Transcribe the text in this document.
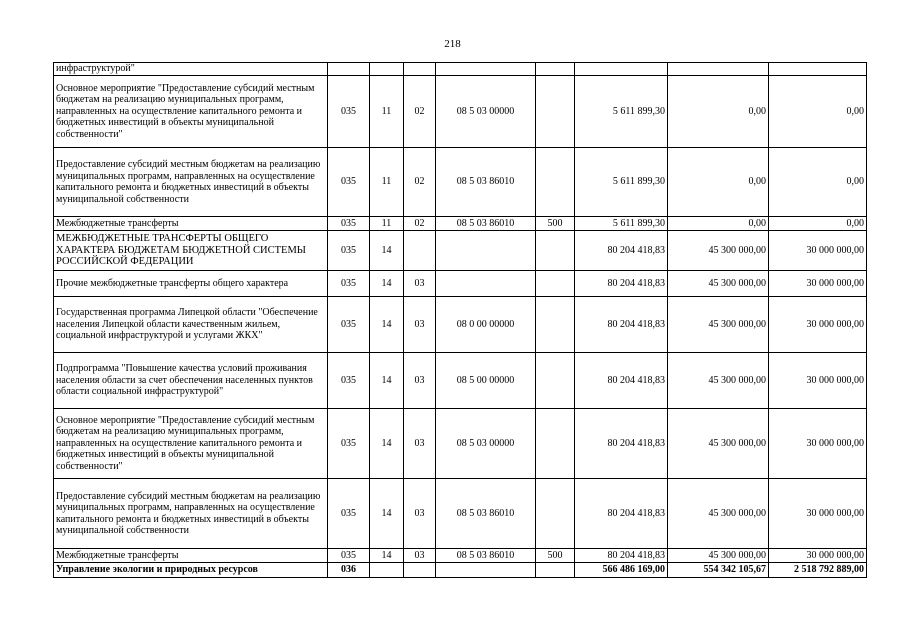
218
инфраструктурой"								
Основное мероприятие "Предоставление субсидий местным бюджетам на реализацию муниципальных программ, направленных на осуществление капитального ремонта и бюджетных инвестиций в объекты муниципальной собственности"	035	11	02	08 5 03 00000		5 611 899,30	0,00	0,00
Предоставление субсидий местным бюджетам на реализацию муниципальных программ, направленных на осуществление капитального ремонта и бюджетных инвестиций в объекты муниципальной собственности	035	11	02	08 5 03 86010		5 611 899,30	0,00	0,00
Межбюджетные трансферты	035	11	02	08 5 03 86010	500	5 611 899,30	0,00	0,00
МЕЖБЮДЖЕТНЫЕ ТРАНСФЕРТЫ ОБЩЕГО ХАРАКТЕРА БЮДЖЕТАМ БЮДЖЕТНОЙ СИСТЕМЫ РОССИЙСКОЙ ФЕДЕРАЦИИ	035	14				80 204 418,83	45 300 000,00	30 000 000,00
Прочие межбюджетные трансферты общего характера	035	14	03			80 204 418,83	45 300 000,00	30 000 000,00
Государственная программа Липецкой области "Обеспечение населения Липецкой области качественным жильем, социальной инфраструктурой и услугами ЖКХ"	035	14	03	08 0 00 00000		80 204 418,83	45 300 000,00	30 000 000,00
Подпрограмма "Повышение качества условий проживания населения области за счет обеспечения населенных пунктов области социальной инфраструктурой"	035	14	03	08 5 00 00000		80 204 418,83	45 300 000,00	30 000 000,00
Основное мероприятие "Предоставление субсидий местным бюджетам на реализацию муниципальных программ, направленных на осуществление капитального ремонта и бюджетных инвестиций в объекты муниципальной собственности"	035	14	03	08 5 03 00000		80 204 418,83	45 300 000,00	30 000 000,00
Предоставление субсидий местным бюджетам на реализацию муниципальных программ, направленных на осуществление капитального ремонта и бюджетных инвестиций в объекты муниципальной собственности	035	14	03	08 5 03 86010		80 204 418,83	45 300 000,00	30 000 000,00
Межбюджетные трансферты	035	14	03	08 5 03 86010	500	80 204 418,83	45 300 000,00	30 000 000,00
Управление экологии и природных ресурсов	036					566 486 169,00	554 342 105,67	2 518 792 889,00
